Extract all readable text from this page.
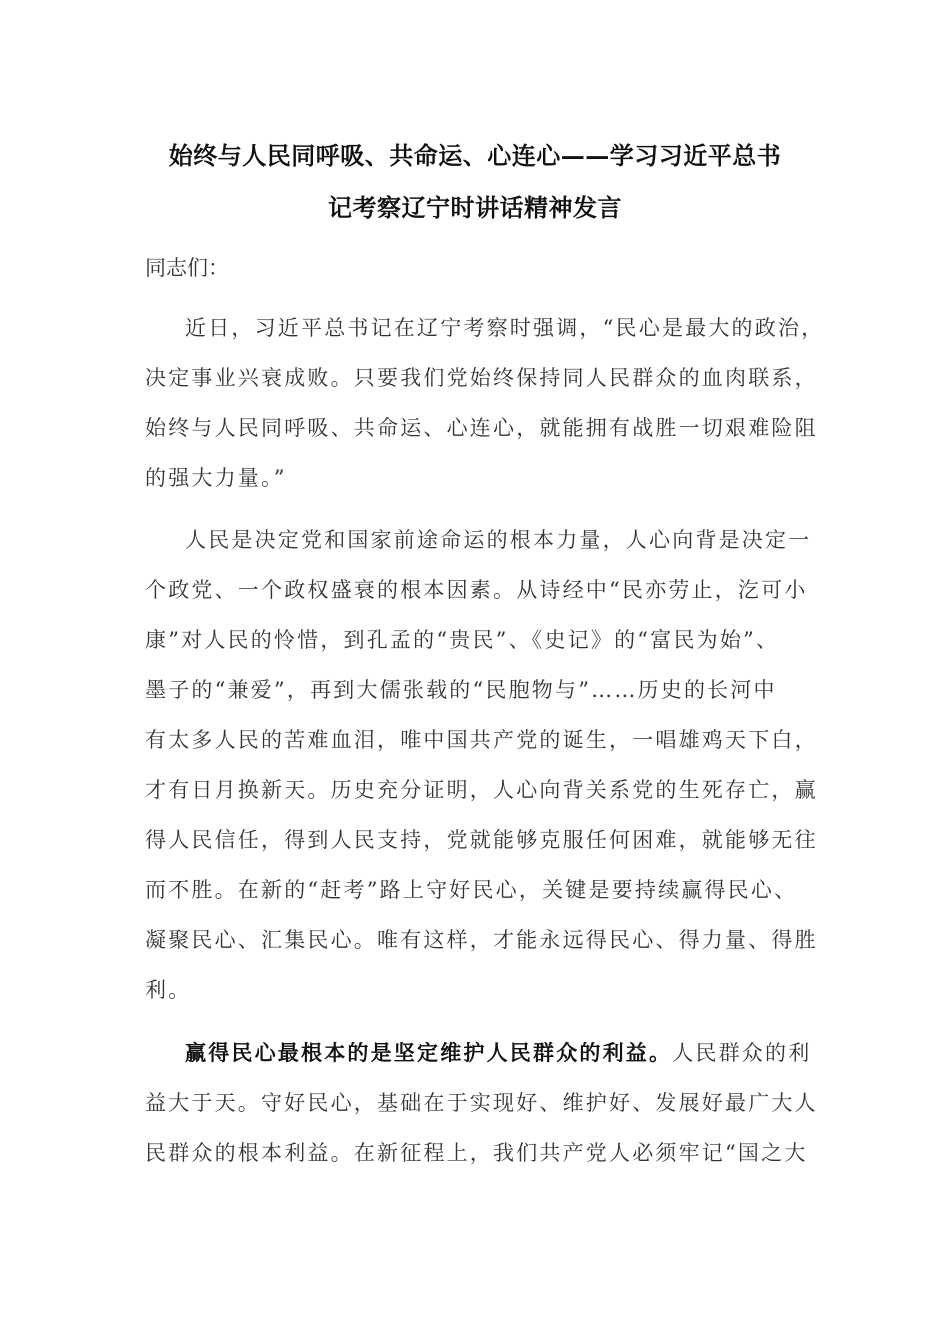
始终与人民同呼吸、共命运、心连心——学习习近平总书
记考察辽宁时讲话精神发言
同志们：
近日，习近平总书记在辽宁考察时强调，“民心是最大的政治，
决定事业兴衰成败。只要我们党始终保持同人民群众的血肉联系，
始终与人民同呼吸、共命运、心连心，就能拥有战胜一切艰难险阻
的强大力量。”
人民是决定党和国家前途命运的根本力量，人心向背是决定一
个政党、一个政权盛衰的根本因素。从诗经中“民亦劳止，汔可小
康”对人民的怜惜，到孔孟的“贵民”、《史记》的“富民为始”、
墨子的“兼爱”，再到大儒张载的“民胞物与”……历史的长河中
有太多人民的苦难血泪，唯中国共产党的诞生，一唱雄鸡天下白，
才有日月换新天。历史充分证明，人心向背关系党的生死存亡，赢
得人民信任，得到人民支持，党就能够克服任何困难，就能够无往
而不胜。在新的“赶考”路上守好民心，关键是要持续赢得民心、
凝聚民心、汇集民心。唯有这样，才能永远得民心、得力量、得胜
利。
赢得民心最根本的是坚定维护人民群众的利益。人民群众的利
益大于天。守好民心，基础在于实现好、维护好、发展好最广大人
民群众的根本利益。在新征程上，我们共产党人必须牢记“国之大
